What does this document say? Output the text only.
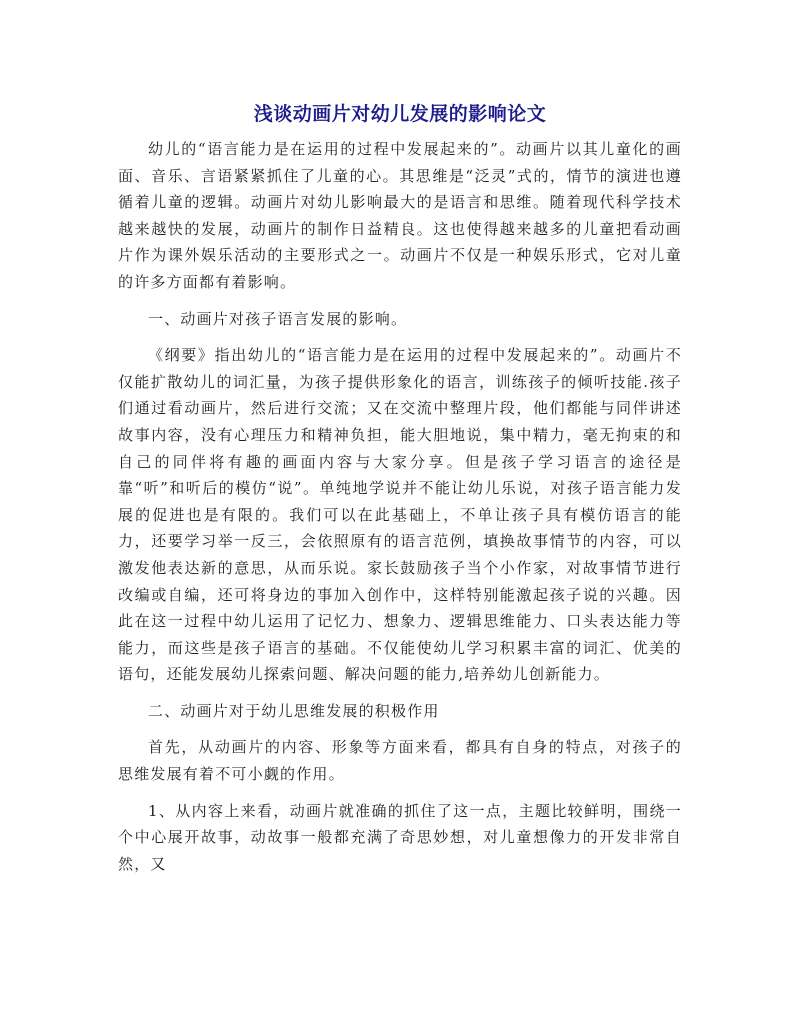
浅谈动画片对幼儿发展的影响论文

幼儿的“语言能力是在运用的过程中发展起来的”。动画片以其儿童化的画面、音乐、言语紧紧抓住了儿童的心。其思维是“泛灵”式的，情节的演进也遵循着儿童的逻辑。动画片对幼儿影响最大的是语言和思维。随着现代科学技术越来越快的发展，动画片的制作日益精良。这也使得越来越多的儿童把看动画片作为课外娱乐活动的主要形式之一。动画片不仅是一种娱乐形式，它对儿童的许多方面都有着影响。

一、动画片对孩子语言发展的影响。

《纲要》指出幼儿的“语言能力是在运用的过程中发展起来的”。动画片不仅能扩散幼儿的词汇量，为孩子提供形象化的语言，训练孩子的倾听技能.孩子们通过看动画片，然后进行交流；又在交流中整理片段，他们都能与同伴讲述故事内容，没有心理压力和精神负担，能大胆地说，集中精力，毫无拘束的和自己的同伴将有趣的画面内容与大家分享。但是孩子学习语言的途径是靠“听”和听后的模仿“说”。单纯地学说并不能让幼儿乐说，对孩子语言能力发展的促进也是有限的。我们可以在此基础上，不单让孩子具有模仿语言的能力，还要学习举一反三，会依照原有的语言范例，填换故事情节的内容，可以激发他表达新的意思，从而乐说。家长鼓励孩子当个小作家，对故事情节进行改编或自编，还可将身边的事加入创作中，这样特别能激起孩子说的兴趣。因此在这一过程中幼儿运用了记忆力、想象力、逻辑思维能力、口头表达能力等能力，而这些是孩子语言的基础。不仅能使幼儿学习积累丰富的词汇、优美的语句，还能发展幼儿探索问题、解决问题的能力,培养幼儿创新能力。

二、动画片对于幼儿思维发展的积极作用

首先，从动画片的内容、形象等方面来看，都具有自身的特点，对孩子的思维发展有着不可小觑的作用。

1、从内容上来看，动画片就准确的抓住了这一点，主题比较鲜明，围绕一个中心展开故事，动故事一般都充满了奇思妙想，对儿童想像力的开发非常自然，又
